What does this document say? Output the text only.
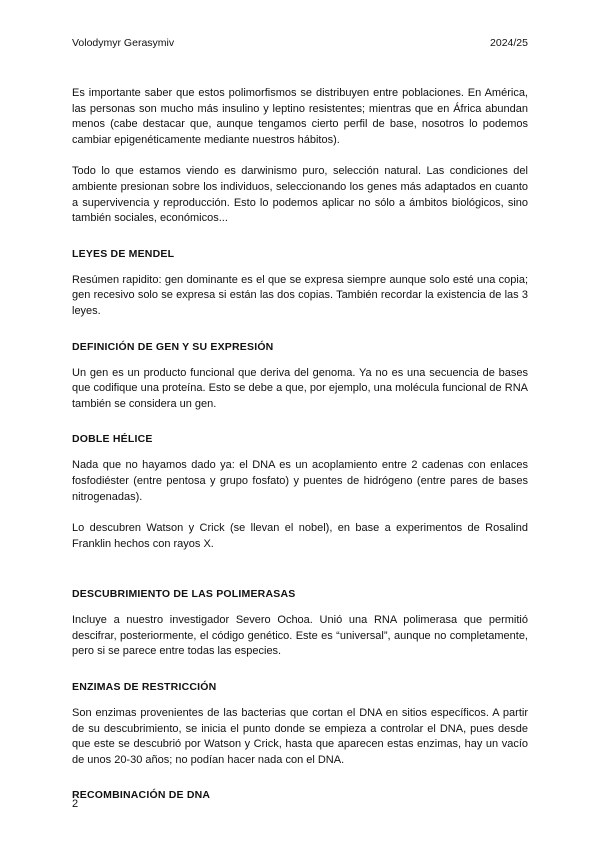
Volodymyr Gerasymiv	2024/25

Es importante saber que estos polimorfismos se distribuyen entre poblaciones. En América, las personas son mucho más insulino y leptino resistentes; mientras que en África abundan menos (cabe destacar que, aunque tengamos cierto perfil de base, nosotros lo podemos cambiar epigenéticamente mediante nuestros hábitos).

Todo lo que estamos viendo es darwinismo puro, selección natural. Las condiciones del ambiente presionan sobre los individuos, seleccionando los genes más adaptados en cuanto a supervivencia y reproducción. Esto lo podemos aplicar no sólo a ámbitos biológicos, sino también sociales, económicos...

LEYES DE MENDEL

Resúmen rapidito: gen dominante es el que se expresa siempre aunque solo esté una copia; gen recesivo solo se expresa si están las dos copias. También recordar la existencia de las 3 leyes.

DEFINICIÓN DE GEN Y SU EXPRESIÓN

Un gen es un producto funcional que deriva del genoma. Ya no es una secuencia de bases que codifique una proteína. Esto se debe a que, por ejemplo, una molécula funcional de RNA también se considera un gen.

DOBLE HÉLICE

Nada que no hayamos dado ya: el DNA es un acoplamiento entre 2 cadenas con enlaces fosfodiéster (entre pentosa y grupo fosfato) y puentes de hidrógeno (entre pares de bases nitrogenadas).

Lo descubren Watson y Crick (se llevan el nobel), en base a experimentos de Rosalind Franklin hechos con rayos X.

DESCUBRIMIENTO DE LAS POLIMERASAS

Incluye a nuestro investigador Severo Ochoa. Unió una RNA polimerasa que permitió descifrar, posteriormente, el código genético. Este es “universal”, aunque no completamente, pero si se parece entre todas las especies.

ENZIMAS DE RESTRICCIÓN

Son enzimas provenientes de las bacterias que cortan el DNA en sitios específicos. A partir de su descubrimiento, se inicia el punto donde se empieza a controlar el DNA, pues desde que este se descubrió por Watson y Crick, hasta que aparecen estas enzimas, hay un vacío de unos 20-30 años; no podían hacer nada con el DNA.

RECOMBINACIÓN DE DNA
2
